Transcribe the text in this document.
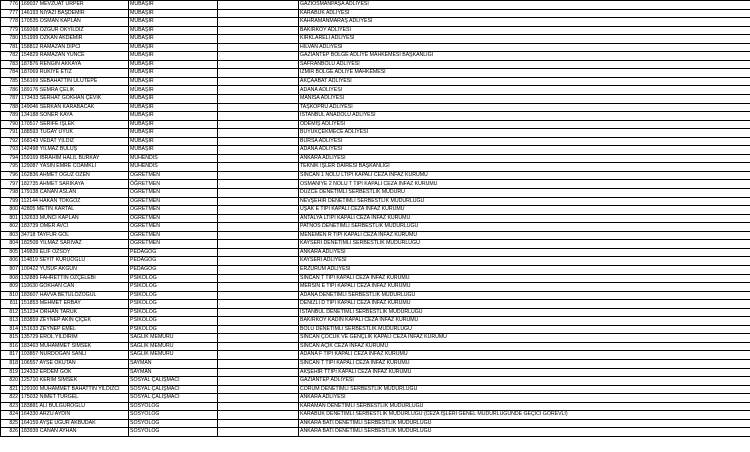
776	169037 MEVZUAT URPER	MÜBAŞİR		GAZIOSMANPAŞA ADLIYESI
777	146193 NIYAZI BAŞDEMIR	MÜBAŞİR		KARABÜK ADLIYESI
778	170535 OSMAN KAPLAN	MÜBAŞİR		KAHRAMANMARAŞ ADLIYESI
779	169268 OZGUR OKYILDIZ	MÜBAŞİR		BAKIRKÖY ADLIYESI
780	151999 ÖZKAN AKDEMIR	MÜBAŞİR		KIRKLARELI ADLIYESI
781	158812 RAMAZAN DIPCI	MÜBAŞİR		HILVAN ADLIYESI
782	154829 RAMAZAN YUNCE	MÜBAŞİR		GAZIANTEP BÖLGE ADLIYE MAHKEMESI BAŞKANLIĞI
783	187876 RENGIN AKKAYA	MÜBAŞİR		SAFRANBOLU ADLIYESI
784	187069 RUKIYE ETIZ	MÜBAŞİR		IZMIR BÖLGE ADLIYE MAHKEMESI
785	156169 SEBAHATTIN ULUTEPE	MÜBAŞİR		AKÇAABAT ADLIYESI
786	189176 SEMRA ÇELIK	MÜBAŞİR		ADANA ADLIYESI
787	173433 SERHAT GÖKHAN ÇEVIK	MÜBAŞİR		MANISA ADLIYESI
788	149046 SERKAN KARABACAK	MÜBAŞİR		TAŞKÖPRÜ ADLIYESI
789	134188 SONER KAYA	MÜBAŞİR		ISTANBUL ANADOLU ADLIYESI
790	170517 SERIFE IŞLEK	MÜBAŞİR		ÖDEMIŞ ADLIYESI
791	188593 TUGAY UYUK	MÜBAŞİR		BÜYÜKÇEKMECE ADLIYESI
792	168143 VEDAT YILDIZ	MÜBAŞİR		BURSA ADLIYESI
793	142498 YILMAZ BULUŞ	MÜBAŞİR		ADANA ADLIYESI
794	159169 IBRAHIM HALIL BURKAY	MÜHENDIS		ANKARA ADLIYESI
795	129087 YASIN EMRE COAMKLI	MÜHENDIS		TEKNIK IŞLER DAIRESI BAŞKANLIĞI
796	162836 AHMET OGUZ OZEN	ÖĞRETMEN		SINCAN 1 NOLU LTIPI KAPALI CEZA INFAZ KURUMU
797	182735 AHMET SARIKAYA	ÖĞRETMEN		OSMANIYE 2 NOLU T TIPI KAPALI CEZA INFAZ KURUMU
798	179138 CANAN ASLAN	ÖĞRETMEN		DÜZCE DENETIMLI SERBESTLIK MÜDÜRÜ
799	112144 HAKAN TOKGÖZ	ÖĞRETMEN		NEVŞEHIR DENETIMLI SERBESTLIK MÜDÜRLÜĞÜ
800	42805 METIN KARTAL	ÖĞRETMEN		UŞAK E TIPI KAPALI CEZA INFAZ KURUMU
801	132633 MUNCI KAPLAN	ÖĞRETMEN		ANTALYA LTIPI KAPALI CEZA INFAZ KURUMU
802	183739 ÖMER AVCI	ÖĞRETMEN		PATNOS DENETIMLI SERBESTLIK MÜDÜRLÜĞÜ
803	34718 TAYFUR GOL	ÖĞRETMEN		MENEMEN R TIPI KAPALI CEZA INFAZ KURUMU
804	182508 YILMAZ SARIVAZ	ÖĞRETMEN		KAYSERI DENETIMLI SERBESTLIK MÜDÜRLÜĞÜ
805	149839 ELIF OZSOY	PEDAGOG		ANKARA ADLIYESI
806	114819 SEYIT KURUOGLU	PEDAGOG		KAYSERI ADLIYESI
807	100422 YUSUF AKGÜN	PEDAGOG		ERZURUM ADLIYESI
808	132889 FAHRETTIN ÖZÇELEBI	PSIKOLOG		SINCAN T TIPI KAPALI CEZA INFAZ KURUMU
809	110630 GÖKHAN CAN	PSIKOLOG		MERSIN E TIPI KAPALI CEZA INFAZ KURUMU
810	183607 HAVVA BETÜLÖZOĞUL	PSIKOLOG		ADANA DENETIMLI SERBESTLIK MÜDÜRLÜĞÜ
811	151853 MEHMET ERBAY	PSIKOLOG		DENIZLI D TIPI KAPALI CEZA INFAZ KURUMU
812	151234 ORHAN TARUK	PSIKOLOG		ISTANBUL DENETIMLI SERBESTLIK MÜDÜRLÜĞÜ
813	183859 ZEYNEP AKIN ÇIÇEK	PSIKOLOG		BAKIRKÖY KADIN KAPALI CEZA INFAZ KURUMU
814	151633 ZEYNEP EMEL	PSIKOLOG		BOLU DENETIMLI SERBESTLIK MÜDÜRLÜĞÜ
815	135729 EROL YILDIRIM	SAGLIK MEMURU		SINCAN ÇOCUK VE GENÇLIK KAPALI CEZA INFAZ KURUMU
816	183463 MUHAMMET SIMSEK	SAGLIK MEMURU		SINCAN AÇIK CEZA INFAZ KURUMU
817	103857 NURDOGAN SANLI	SAGLIK MEMURU		ADANA F TIPI KAPALI CEZA INFAZ KURUMU
818	106557 AYSE OKUTAN	SAYMAN		SINCAN T TIPI KAPALI CEZA INFAZ KURUMU
819	124332 ERDEM GOK	SAYMAN		AKŞEHIR TTIPI KAPALI CEZA INFAZ KURUMU
820	125710 KERIM SIMSEK	SOSYAL ÇALIŞMACI		GAZIANTEP ADLIYESI
821	129100 MUHAMMET BAHATTIN YILDIZCI	SOSYAL ÇALIŞMACI		CORUM DENETIMLI SERBESTLIK MÜDÜRLÜĞÜ
822	175032 NIMET TURGEL	SOSYAL ÇALIŞMACI		ANKARA ADLIYESI
823	183881 ALI BULGUROĞLU	SOSYOLOG		KARAMAN DENETIMLI SERBESTLIK MÜDÜRLÜĞÜ
824	164330 ARZU AYDIN	SOSYOLOG		KARABÜK DENETIMLI SERBESTLIK MÜDÜRLÜĞÜ (CEZA IŞLERI GENEL MÜDÜRLÜĞÜNDE GEÇICI GÖREVLI)
825	164159 AYŞE UGUR AKBUDAK	SOSYOLOG		ANKARA BATI DENETIMLI SERBESTLIK MÜDÜRLÜĞÜ
826	183939 CANAN AYHAN	SOSYOLOG		ANKARA BATI DENETIMLI SERBESTLIK MÜDÜRLÜĞÜ
